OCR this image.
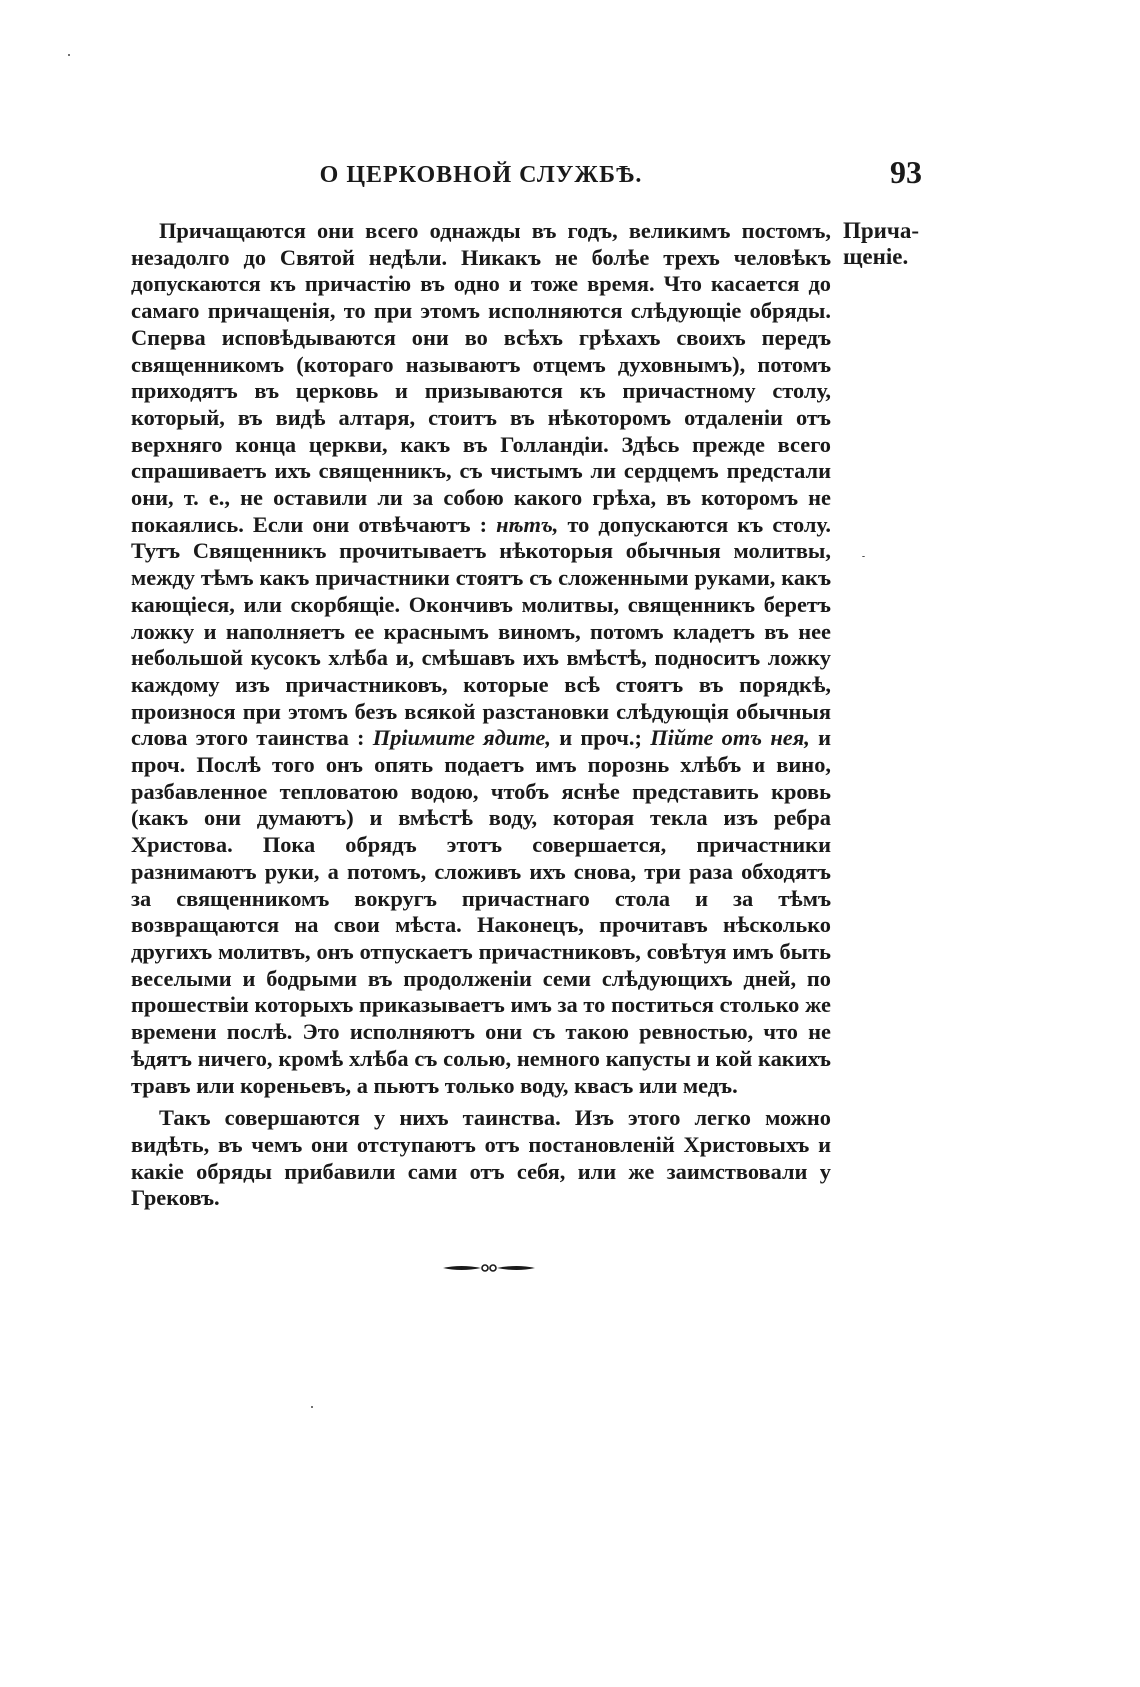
О ЦЕРКОВНОЙ СЛУЖБѢ.	93
Прича-
щеніе.

Причащаются они всего однажды въ годъ, великимъ постомъ, незадолго до Святой недѣли. Никакъ не болѣе трехъ человѣкъ допускаются къ причастію въ одно и тоже время. Что касается до самаго причащенія, то при этомъ исполняются слѣдующіе обряды. Сперва исповѣдываются они во всѣхъ грѣхахъ своихъ передъ священникомъ (котораго называютъ отцемъ духовнымъ), потомъ приходятъ въ церковь и призываются къ причастному столу, который, въ видѣ алтаря, стоитъ въ нѣкоторомъ отдаленіи отъ верхняго конца церкви, какъ въ Голландіи. Здѣсь прежде всего спрашиваетъ ихъ священникъ, съ чистымъ ли сердцемъ предстали они, т. е., не оставили ли за собою какого грѣха, въ которомъ не покаялись. Если они отвѣчаютъ : нѣтъ, то допускаются къ столу. Тутъ Священникъ прочитываетъ нѣкоторыя обычныя молитвы, между тѣмъ какъ причастники стоятъ съ сложенными руками, какъ кающіеся, или скорбящіе. Окончивъ молитвы, священникъ беретъ ложку и наполняетъ ее краснымъ виномъ, потомъ кладетъ въ нее небольшой кусокъ хлѣба и, смѣшавъ ихъ вмѣстѣ, подноситъ ложку каждому изъ причастниковъ, которые всѣ стоятъ въ порядкѣ, произнося при этомъ безъ всякой разстановки слѣдующія обычныя слова этого таинства : Пріимите ядите, и проч.; Пійте отъ нея, и проч. Послѣ того онъ опять подаетъ имъ порознь хлѣбъ и вино, разбавленное тепловатою водою, чтобъ яснѣе представить кровь (какъ они думаютъ) и вмѣстѣ воду, которая текла изъ ребра Христова. Пока обрядъ этотъ совершается, причастники разнимаютъ руки, а потомъ, сложивъ ихъ снова, три раза обходятъ за священникомъ вокругъ причастнаго стола и за тѣмъ возвращаются на свои мѣста. Наконецъ, прочитавъ нѣсколько другихъ молитвъ, онъ отпускаетъ причастниковъ, совѣтуя имъ быть веселыми и бодрыми въ продолженіи семи слѣдующихъ дней, по прошествіи которыхъ приказываетъ имъ за то поститься столько же времени послѣ. Это исполняютъ они съ такою ревностью, что не ѣдятъ ничего, кромѣ хлѣба съ солью, немного капусты и кой какихъ травъ или кореньевъ, а пьютъ только воду, квасъ или медъ.

Такъ совершаются у нихъ таинства. Изъ этого легко можно видѣть, въ чемъ они отступаютъ отъ постановленій Христовыхъ и какіе обряды прибавили сами отъ себя, или же заимствовали у Грековъ.
